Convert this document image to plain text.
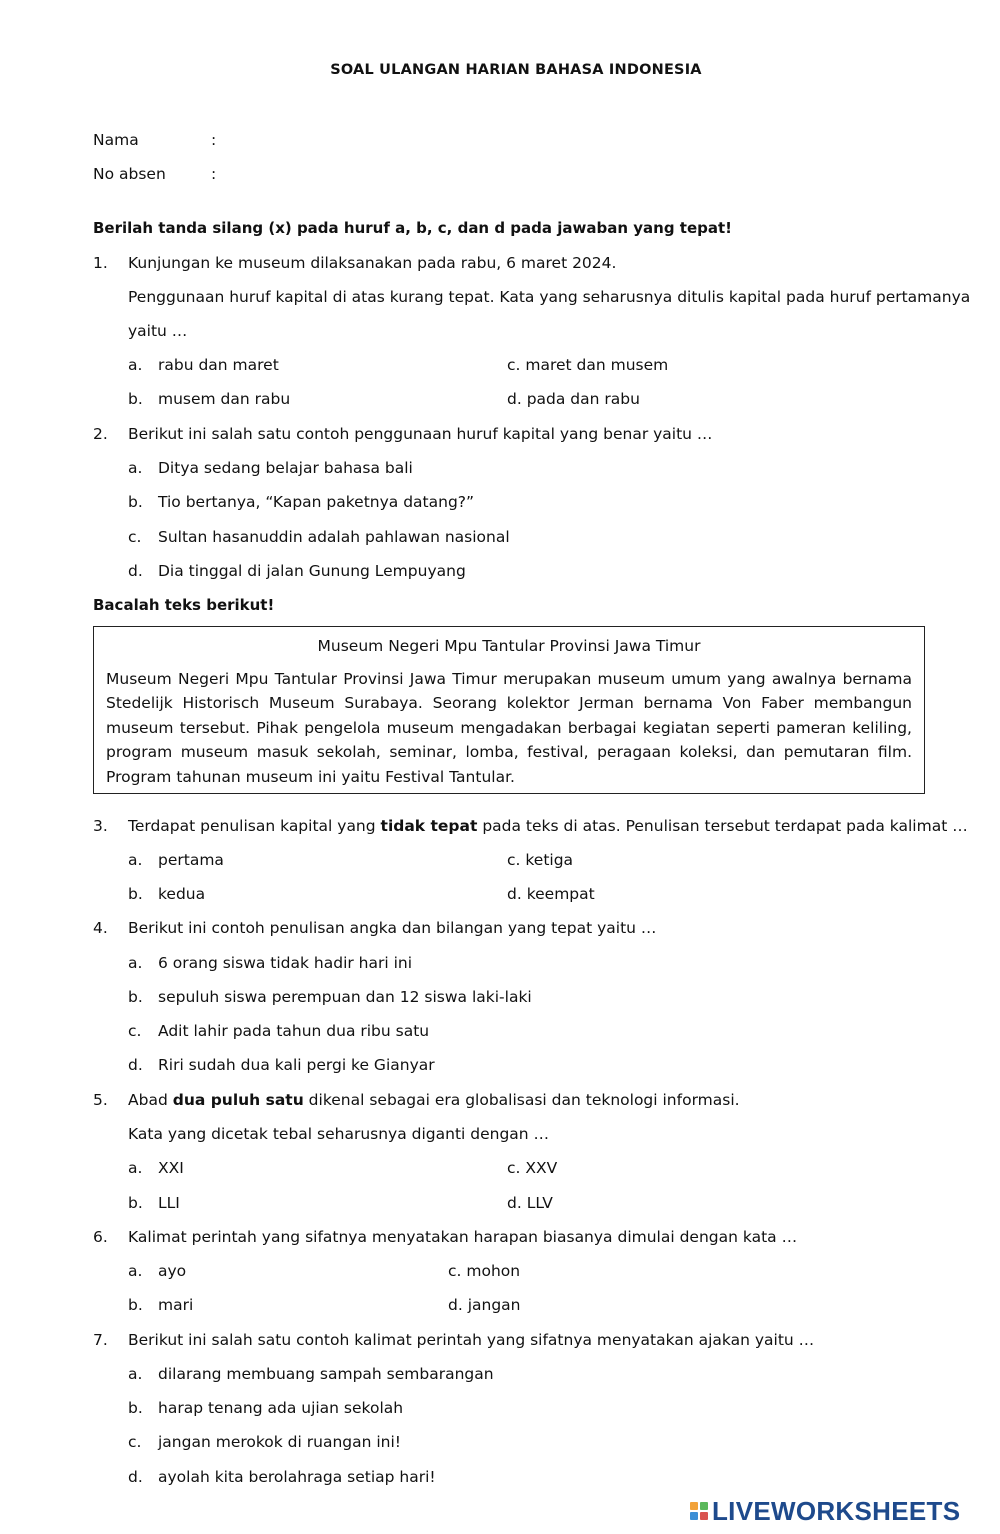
SOAL ULANGAN HARIAN BAHASA INDONESIA
Nama	:
No absen	:
Berilah tanda silang (x) pada huruf a, b, c, dan d pada jawaban yang tepat!
1. Kunjungan ke museum dilaksanakan pada rabu, 6 maret 2024.
Penggunaan huruf kapital di atas kurang tepat. Kata yang seharusnya ditulis kapital pada huruf pertamanya
yaitu …
a. rabu dan maret	c. maret dan musem
b. musem dan rabu	d. pada dan rabu
2. Berikut ini salah satu contoh penggunaan huruf kapital yang benar yaitu …
a. Ditya sedang belajar bahasa bali
b. Tio bertanya, “Kapan paketnya datang?”
c. Sultan hasanuddin adalah pahlawan nasional
d. Dia tinggal di jalan Gunung Lempuyang
Bacalah teks berikut!
Museum Negeri Mpu Tantular Provinsi Jawa Timur
Museum Negeri Mpu Tantular Provinsi Jawa Timur merupakan museum umum yang awalnya bernama Stedelijk Historisch Museum Surabaya. Seorang kolektor Jerman bernama Von Faber membangun museum tersebut. Pihak pengelola museum mengadakan berbagai kegiatan seperti pameran keliling, program museum masuk sekolah, seminar, lomba, festival, peragaan koleksi, dan pemutaran film. Program tahunan museum ini yaitu Festival Tantular.
3. Terdapat penulisan kapital yang tidak tepat pada teks di atas. Penulisan tersebut terdapat pada kalimat …
a. pertama	c. ketiga
b. kedua	d. keempat
4. Berikut ini contoh penulisan angka dan bilangan yang tepat yaitu …
a. 6 orang siswa tidak hadir hari ini
b. sepuluh siswa perempuan dan 12 siswa laki-laki
c. Adit lahir pada tahun dua ribu satu
d. Riri sudah dua kali pergi ke Gianyar
5. Abad dua puluh satu dikenal sebagai era globalisasi dan teknologi informasi.
Kata yang dicetak tebal seharusnya diganti dengan …
a. XXI	c. XXV
b. LLI	d. LLV
6. Kalimat perintah yang sifatnya menyatakan harapan biasanya dimulai dengan kata …
a. ayo	c. mohon
b. mari	d. jangan
7. Berikut ini salah satu contoh kalimat perintah yang sifatnya menyatakan ajakan yaitu …
a. dilarang membuang sampah sembarangan
b. harap tenang ada ujian sekolah
c. jangan merokok di ruangan ini!
d. ayolah kita berolahraga setiap hari!
LIVEWORKSHEETS
